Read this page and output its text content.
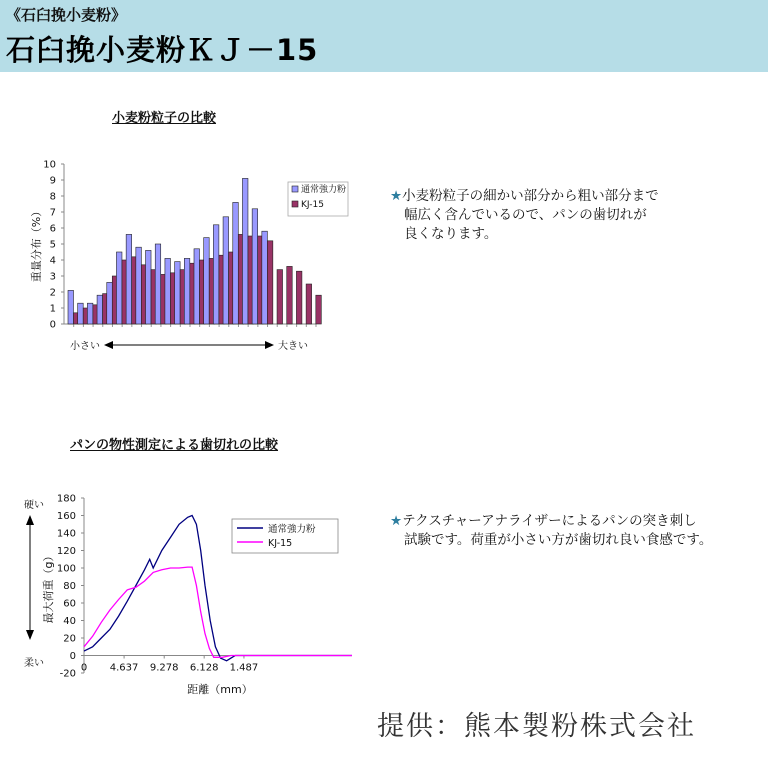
《石臼挽小麦粉》
石臼挽小麦粉ＫＪ－15
小麦粉粒子の比較
パンの物性測定による歯切れの比較
0
1
2
3
4
5
6
7
8
9
10
重量分布（%）
通常強力粉
KJ-15
小さい	大きい
-20
0
20
40
60
80
100
120
140
160
180
0 4.637 9.278 6.128 1.487
通常強力粉
KJ-15
硬い
柔い
最大荷重（g）
距離（mm）
★小麦粉粒子の細かい部分から粗い部分まで
幅広く含んでいるので、パンの歯切れが
良くなります。
★テクスチャーアナライザーによるパンの突き刺し
試験です。荷重が小さい方が歯切れ良い食感です。
提供：熊本製粉株式会社
